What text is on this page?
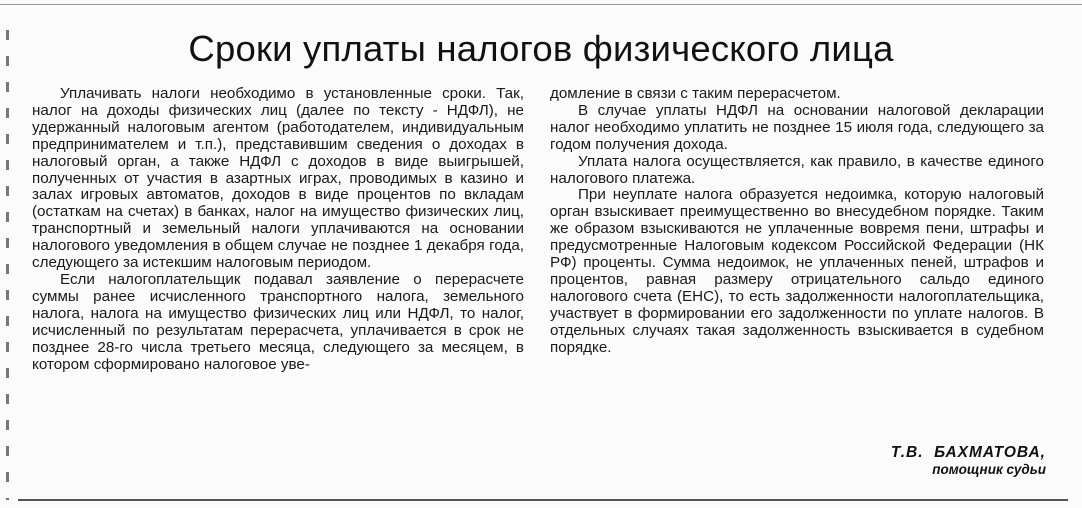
Сроки уплаты налогов физического лица

Уплачивать налоги необходимо в установленные сроки. Так, налог на доходы физических лиц (далее по тексту - НДФЛ), не удержанный налоговым агентом (работодателем, индивидуальным предпринимателем и т.п.), представившим сведения о доходах в налоговый орган, а также НДФЛ с доходов в виде выигрышей, полученных от участия в азартных играх, проводимых в казино и залах игровых автоматов, доходов в виде процентов по вкладам (остаткам на счетах) в банках, налог на имущество физических лиц, транспортный и земельный налоги уплачиваются на основании налогового уведомления в общем случае не позднее 1 декабря года, следующего за истекшим налоговым периодом.

Если налогоплательщик подавал заявление о перерасчете суммы ранее исчисленного транспортного налога, земельного налога, налога на имущество физических лиц или НДФЛ, то налог, исчисленный по результатам перерасчета, уплачивается в срок не позднее 28-го числа третьего месяца, следующего за месяцем, в котором сформировано налоговое уве-

домление в связи с таким перерасчетом.

В случае уплаты НДФЛ на основании налоговой декларации налог необходимо уплатить не позднее 15 июля года, следующего за годом получения дохода.

Уплата налога осуществляется, как правило, в качестве единого налогового платежа.

При неуплате налога образуется недоимка, которую налоговый орган взыскивает преимущественно во внесудебном порядке. Таким же образом взыскиваются не уплаченные вовремя пени, штрафы и предусмотренные Налоговым кодексом Российской Федерации (НК РФ) проценты. Сумма недоимок, не уплаченных пеней, штрафов и процентов, равная размеру отрицательного сальдо единого налогового счета (ЕНС), то есть задолженности налогоплательщика, участвует в формировании его задолженности по уплате налогов. В отдельных случаях такая задолженность взыскивается в судебном порядке.

Т.В.  БАХМАТОВА,
помощник судьи
